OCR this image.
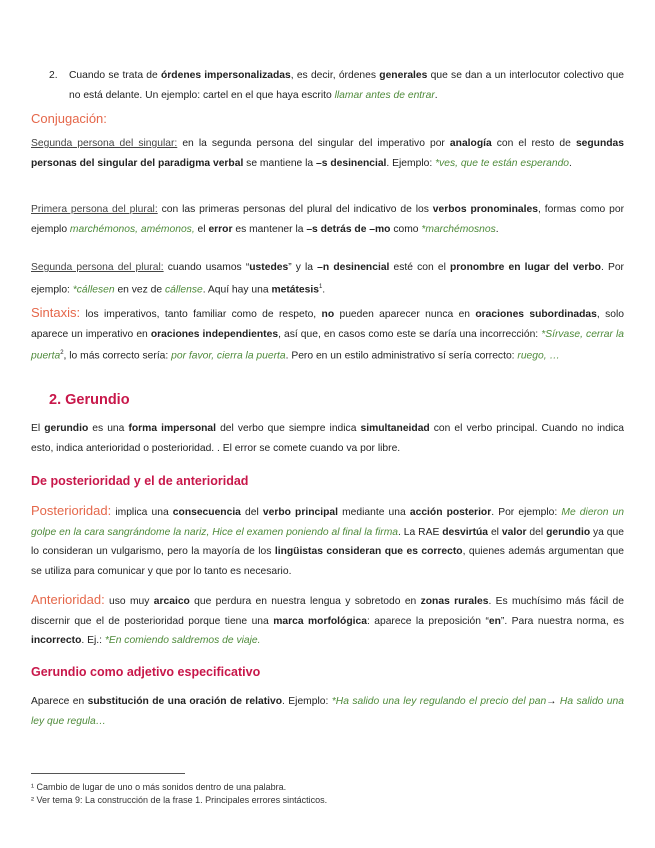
2. Cuando se trata de órdenes impersonalizadas, es decir, órdenes generales que se dan a un interlocutor colectivo que no está delante. Un ejemplo: cartel en el que haya escrito llamar antes de entrar.

Conjugación:

Segunda persona del singular: en la segunda persona del singular del imperativo por analogía con el resto de segundas personas del singular del paradigma verbal se mantiene la –s desinencial. Ejemplo: *ves, que te están esperando.

Primera persona del plural: con las primeras personas del plural del indicativo de los verbos pronominales, formas como por ejemplo marchémonos, amémonos, el error es mantener la –s detrás de –mo como *marchémosnos.

Segunda persona del plural: cuando usamos “ustedes” y la –n desinencial esté con el pronombre en lugar del verbo. Por ejemplo: *cállesen en vez de cállense. Aquí hay una metátesis$^1$.

Sintaxis: los imperativos, tanto familiar como de respeto, no pueden aparecer nunca en oraciones subordinadas, solo aparece un imperativo en oraciones independientes, así que, en casos como este se daría una incorrección: *Sírvase, cerrar la puerta$^2$, lo más correcto sería: por favor, cierra la puerta. Pero en un estilo administrativo sí sería correcto: ruego, …

2. Gerundio

El gerundio es una forma impersonal del verbo que siempre indica simultaneidad con el verbo principal. Cuando no indica esto, indica anterioridad o posterioridad. . El error se comete cuando va por libre.

De posterioridad y el de anterioridad

Posterioridad: implica una consecuencia del verbo principal mediante una acción posterior. Por ejemplo: Me dieron un golpe en la cara sangrándome la nariz, Hice el examen poniendo al final la firma. La RAE desvirtúa el valor del gerundio ya que lo consideran un vulgarismo, pero la mayoría de los lingüistas consideran que es correcto, quienes además argumentan que se utiliza para comunicar y que por lo tanto es necesario.

Anterioridad: uso muy arcaico que perdura en nuestra lengua y sobretodo en zonas rurales. Es muchísimo más fácil de discernir que el de posterioridad porque tiene una marca morfológica: aparece la preposición “en”. Para nuestra norma, es incorrecto. Ej.: *En comiendo saldremos de viaje.

Gerundio como adjetivo especificativo

Aparece en substitución de una oración de relativo. Ejemplo: *Ha salido una ley regulando el precio del pan→ Ha salido una ley que regula…

¹ Cambio de lugar de uno o más sonidos dentro de una palabra.
² Ver tema 9: La construcción de la frase 1. Principales errores sintácticos.
